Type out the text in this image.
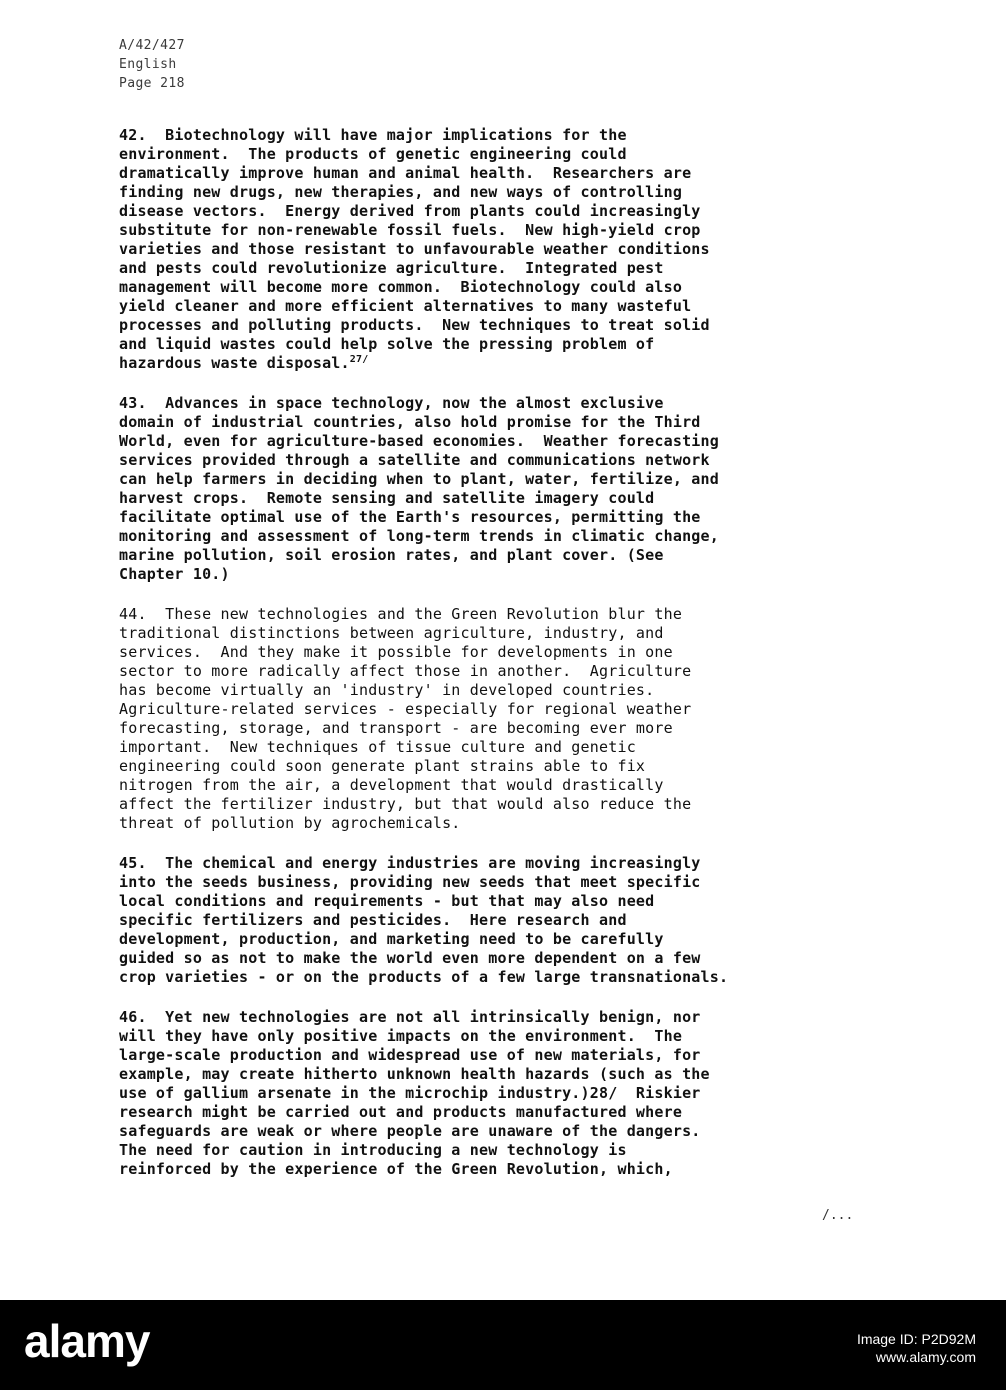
A/42/427
English
Page 218
42.  Biotechnology will have major implications for the
environment.  The products of genetic engineering could
dramatically improve human and animal health.  Researchers are
finding new drugs, new therapies, and new ways of controlling
disease vectors.  Energy derived from plants could increasingly
substitute for non-renewable fossil fuels.  New high-yield crop
varieties and those resistant to unfavourable weather conditions
and pests could revolutionize agriculture.  Integrated pest
management will become more common.  Biotechnology could also
yield cleaner and more efficient alternatives to many wasteful
processes and polluting products.  New techniques to treat solid
and liquid wastes could help solve the pressing problem of
hazardous waste disposal.$^{27/}$
43.  Advances in space technology, now the almost exclusive
domain of industrial countries, also hold promise for the Third
World, even for agriculture-based economies.  Weather forecasting
services provided through a satellite and communications network
can help farmers in deciding when to plant, water, fertilize, and
harvest crops.  Remote sensing and satellite imagery could
facilitate optimal use of the Earth's resources, permitting the
monitoring and assessment of long-term trends in climatic change,
marine pollution, soil erosion rates, and plant cover. (See
Chapter 10.)
44.  These new technologies and the Green Revolution blur the
traditional distinctions between agriculture, industry, and
services.  And they make it possible for developments in one
sector to more radically affect those in another.  Agriculture
has become virtually an 'industry' in developed countries.
Agriculture-related services - especially for regional weather
forecasting, storage, and transport - are becoming ever more
important.  New techniques of tissue culture and genetic
engineering could soon generate plant strains able to fix
nitrogen from the air, a development that would drastically
affect the fertilizer industry, but that would also reduce the
threat of pollution by agrochemicals.
45.  The chemical and energy industries are moving increasingly
into the seeds business, providing new seeds that meet specific
local conditions and requirements - but that may also need
specific fertilizers and pesticides.  Here research and
development, production, and marketing need to be carefully
guided so as not to make the world even more dependent on a few
crop varieties - or on the products of a few large transnationals.
46.  Yet new technologies are not all intrinsically benign, nor
will they have only positive impacts on the environment.  The
large-scale production and widespread use of new materials, for
example, may create hitherto unknown health hazards (such as the
use of gallium arsenate in the microchip industry.)28/  Riskier
research might be carried out and products manufactured where
safeguards are weak or where people are unaware of the dangers.
The need for caution in introducing a new technology is
reinforced by the experience of the Green Revolution, which,
/...
alamy	Image ID: P2D92M
www.alamy.com
